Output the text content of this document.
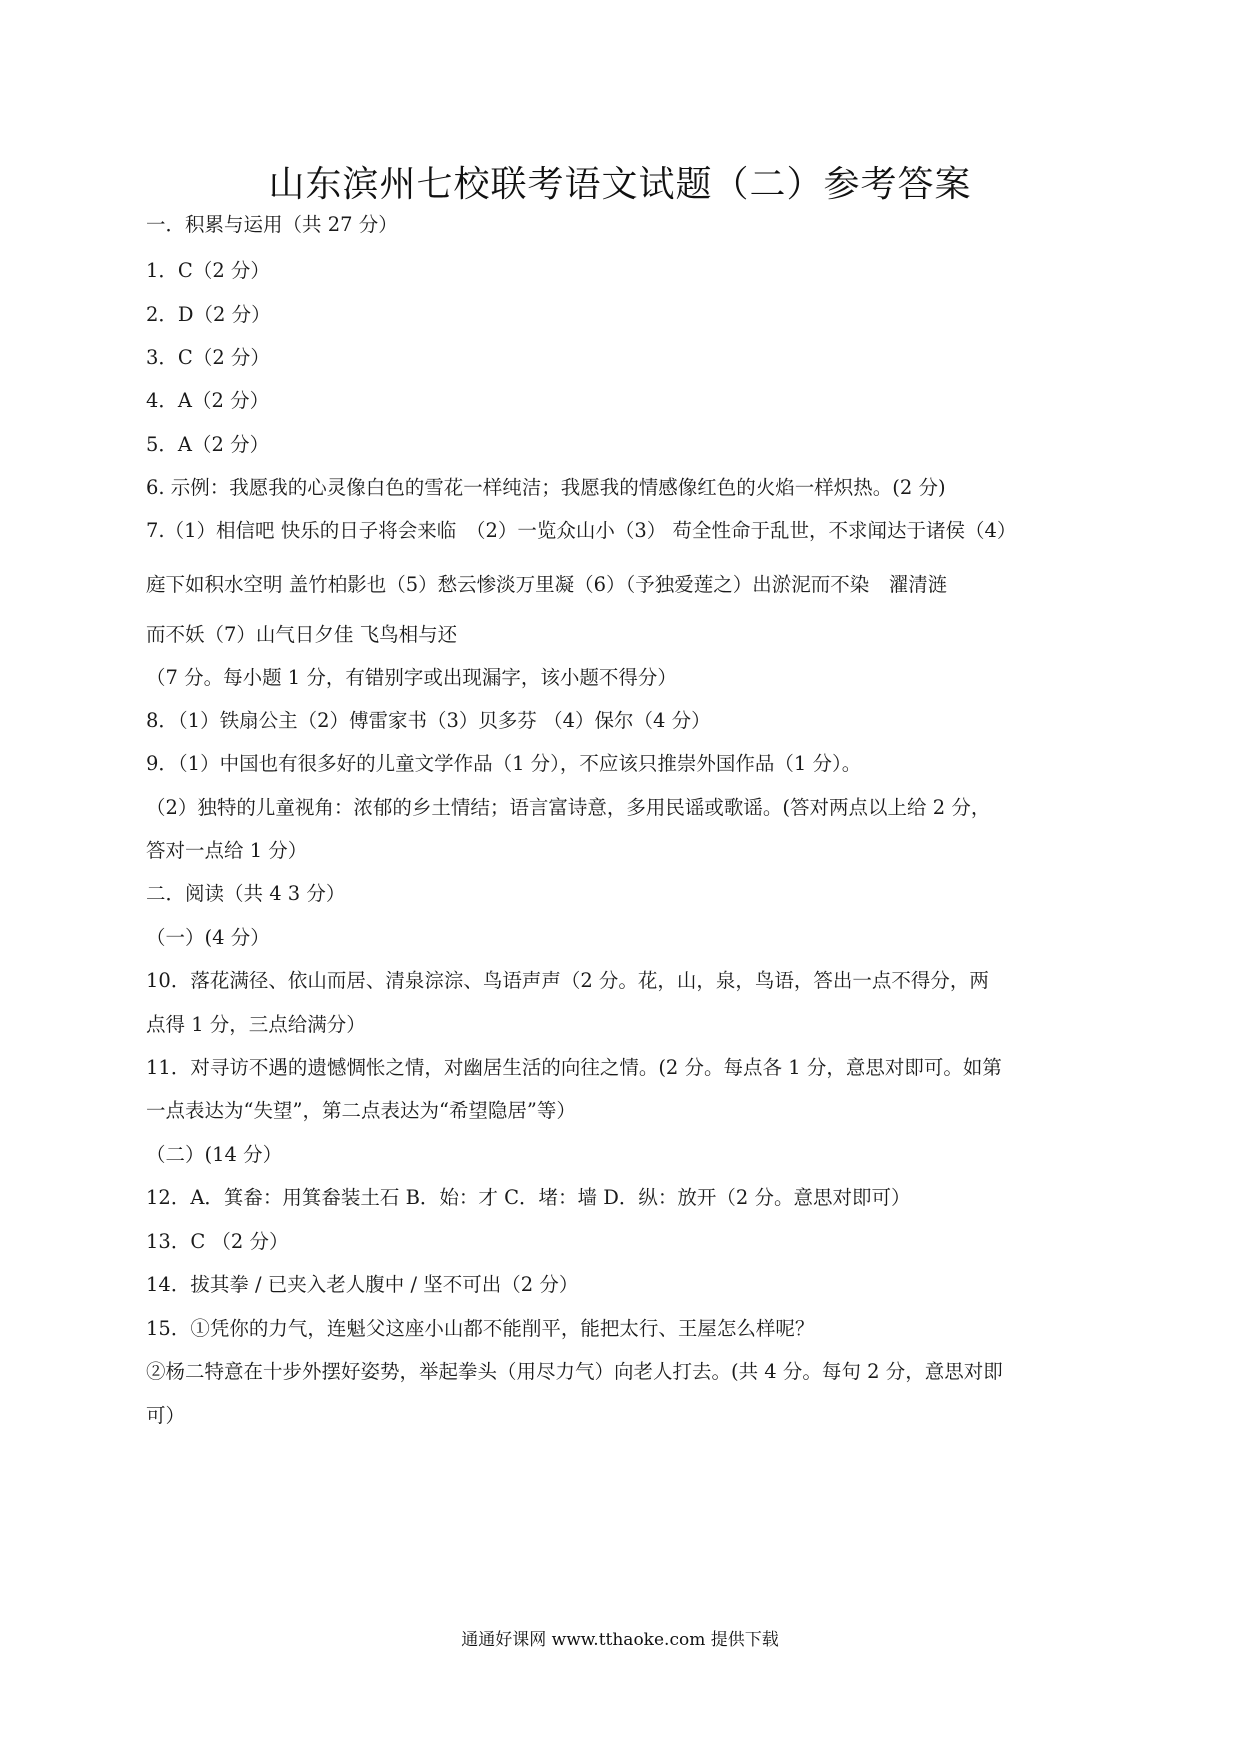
山东滨州七校联考语文试题（二）参考答案
一．积累与运用（共 27 分）
1．C（2 分）
2．D（2 分）
3．C（2 分）
4．A（2 分）
5．A（2 分）
6. 示例：我愿我的心灵像白色的雪花一样纯洁；我愿我的情感像红色的火焰一样炽热。(2 分)
7.（1）相信吧 快乐的日子将会来临　（2）一览众山小（3） 苟全性命于乱世，不求闻达于诸侯（4）
庭下如积水空明 盖竹柏影也（5）愁云惨淡万里凝（6）（予独爱莲之）出淤泥而不染　濯清涟
而不妖（7）山气日夕佳 飞鸟相与还
（7 分。每小题 1 分，有错别字或出现漏字，该小题不得分）
8．（1）铁扇公主（2）傅雷家书（3）贝多芬 （4）保尔（4 分）
9．（1）中国也有很多好的儿童文学作品（1 分），不应该只推崇外国作品（1 分）。
（2）独特的儿童视角：浓郁的乡土情结；语言富诗意，多用民谣或歌谣。(答对两点以上给 2 分，
答对一点给 1 分）
二．阅读（共 4 3 分）
（一）(4 分）
10．落花满径、依山而居、清泉淙淙、鸟语声声（2 分。花，山，泉，鸟语，答出一点不得分，两
点得 1 分，三点给满分）
11．对寻访不遇的遗憾惆怅之情，对幽居生活的向往之情。(2 分。每点各 1 分，意思对即可。如第
一点表达为“失望”，第二点表达为“希望隐居”等）
（二）(14 分）
12．A．箕畚：用箕畚装土石 B．始：才 C．堵：墙 D．纵：放开（2 分。意思对即可）
13．C （2 分）
14．拔其拳 / 已夹入老人腹中 / 坚不可出（2 分）
15．①凭你的力气，连魁父这座小山都不能削平，能把太行、王屋怎么样呢？
②杨二特意在十步外摆好姿势，举起拳头（用尽力气）向老人打去。(共 4 分。每句 2 分，意思对即
可）
通通好课网 www.tthaoke.com 提供下载
